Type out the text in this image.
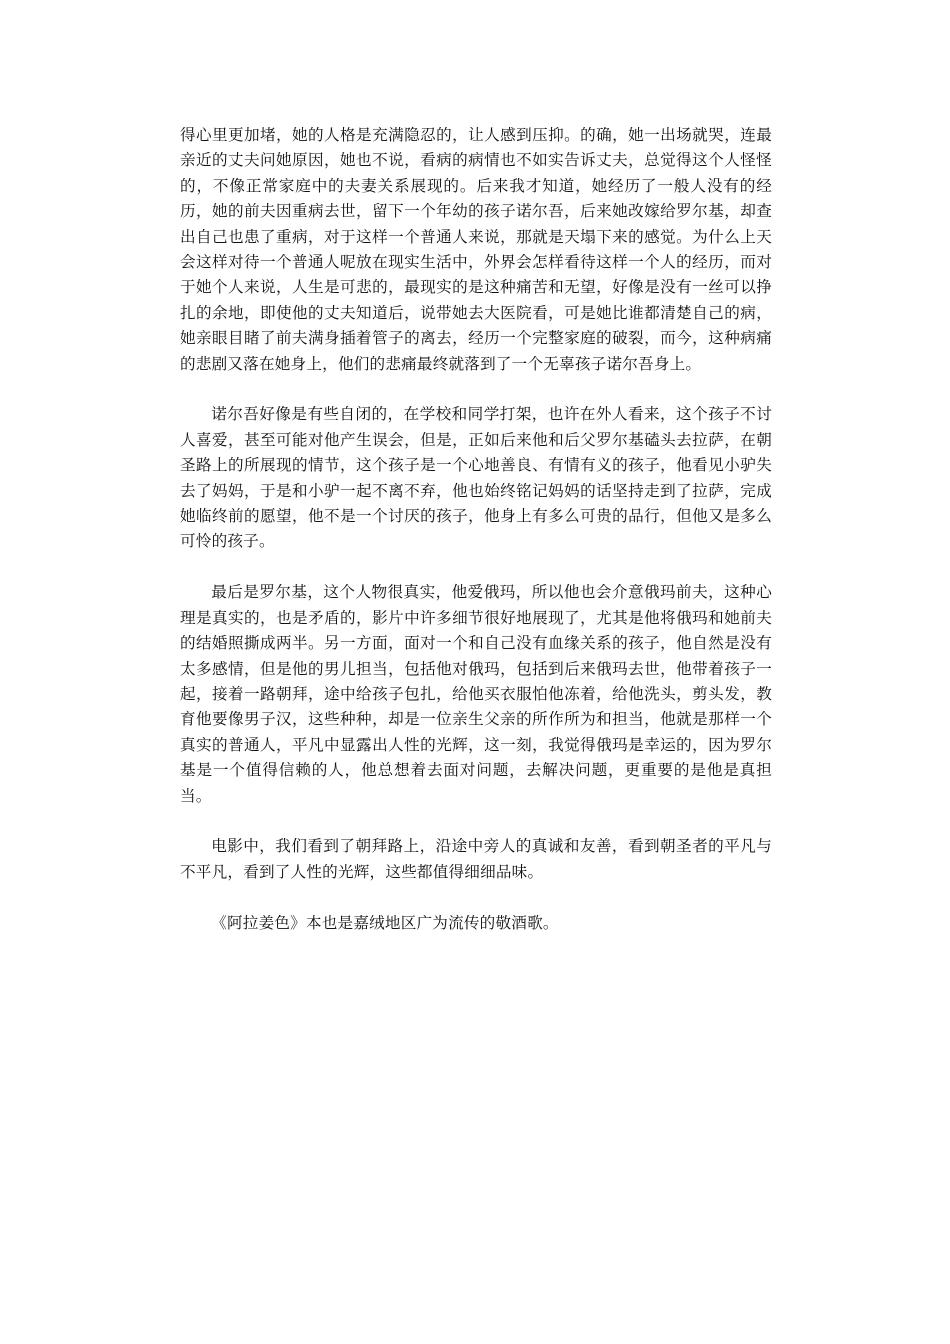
得心里更加堵，她的人格是充满隐忍的，让人感到压抑。的确，她一出场就哭，连最亲近的丈夫问她原因，她也不说，看病的病情也不如实告诉丈夫，总觉得这个人怪怪的，不像正常家庭中的夫妻关系展现的。后来我才知道，她经历了一般人没有的经历，她的前夫因重病去世，留下一个年幼的孩子诺尔吾，后来她改嫁给罗尔基，却查出自己也患了重病，对于这样一个普通人来说，那就是天塌下来的感觉。为什么上天会这样对待一个普通人呢放在现实生活中，外界会怎样看待这样一个人的经历，而对于她个人来说，人生是可悲的，最现实的是这种痛苦和无望，好像是没有一丝可以挣扎的余地，即使他的丈夫知道后，说带她去大医院看，可是她比谁都清楚自己的病，她亲眼目睹了前夫满身插着管子的离去，经历一个完整家庭的破裂，而今，这种病痛的悲剧又落在她身上，他们的悲痛最终就落到了一个无辜孩子诺尔吾身上。

诺尔吾好像是有些自闭的，在学校和同学打架，也许在外人看来，这个孩子不讨人喜爱，甚至可能对他产生误会，但是，正如后来他和后父罗尔基磕头去拉萨，在朝圣路上的所展现的情节，这个孩子是一个心地善良、有情有义的孩子，他看见小驴失去了妈妈，于是和小驴一起不离不弃，他也始终铭记妈妈的话坚持走到了拉萨，完成她临终前的愿望，他不是一个讨厌的孩子，他身上有多么可贵的品行，但他又是多么可怜的孩子。

最后是罗尔基，这个人物很真实，他爱俄玛，所以他也会介意俄玛前夫，这种心理是真实的，也是矛盾的，影片中许多细节很好地展现了，尤其是他将俄玛和她前夫的结婚照撕成两半。另一方面，面对一个和自己没有血缘关系的孩子，他自然是没有太多感情，但是他的男儿担当，包括他对俄玛，包括到后来俄玛去世，他带着孩子一起，接着一路朝拜，途中给孩子包扎，给他买衣服怕他冻着，给他洗头，剪头发，教育他要像男子汉，这些种种，却是一位亲生父亲的所作所为和担当，他就是那样一个真实的普通人，平凡中显露出人性的光辉，这一刻，我觉得俄玛是幸运的，因为罗尔基是一个值得信赖的人，他总想着去面对问题，去解决问题，更重要的是他是真担当。

电影中，我们看到了朝拜路上，沿途中旁人的真诚和友善，看到朝圣者的平凡与不平凡，看到了人性的光辉，这些都值得细细品味。

《阿拉姜色》本也是嘉绒地区广为流传的敬酒歌。
